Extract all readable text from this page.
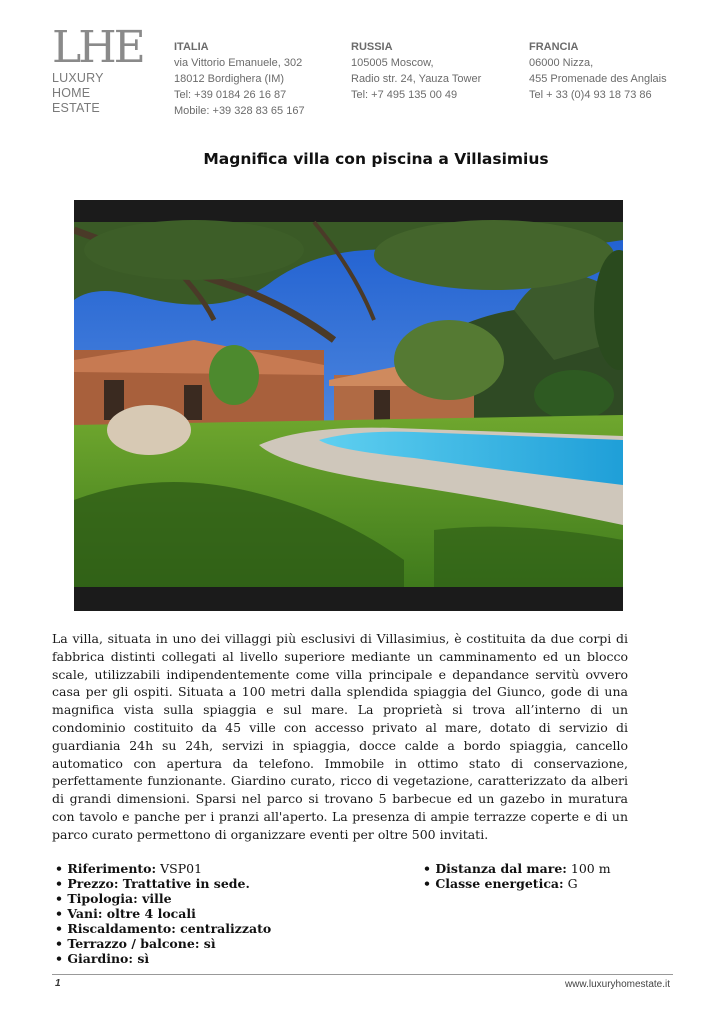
LHE
LUXURY
HOME
ESTATE
ITALIA
via Vittorio Emanuele, 302
18012 Bordighera (IM)
Tel: +39 0184 26 16 87
Mobile: +39 328 83 65 167
RUSSIA
105005 Moscow,
Radio str. 24, Yauza Tower
Tel: +7 495 135 00 49
FRANCIA
06000 Nizza,
455 Promenade des Anglais
Tel + 33 (0)4 93 18 73 86
Magnifica villa con piscina a Villasimius
La villa, situata in uno dei villaggi più esclusivi di Villasimius, è costituita da due corpi di fabbrica distinti collegati al livello superiore mediante un camminamento ed un blocco scale, utilizzabili indipendentemente come villa principale e depandance servitù ovvero casa per gli ospiti. Situata a 100 metri dalla splendida spiaggia del Giunco, gode di una magnifica vista sulla spiaggia e sul mare. La proprietà si trova all’interno di un condominio costituito da 45 ville con accesso privato al mare, dotato di servizio di guardiania 24h su 24h, servizi in spiaggia, docce calde a bordo spiaggia, cancello automatico con apertura da telefono. Immobile in ottimo stato di conservazione, perfettamente funzionante. Giardino curato, ricco di vegetazione, caratterizzato da alberi di grandi dimensioni. Sparsi nel parco si trovano 5 barbecue ed un gazebo in muratura con tavolo e panche per i pranzi all'aperto. La presenza di ampie terrazze coperte e di un parco curato permettono di organizzare eventi per oltre 500 invitati.
• Riferimento: VSP01
• Prezzo: Trattative in sede.
• Tipologia: ville
• Vani: oltre 4 locali
• Riscaldamento: centralizzato
• Terrazzo / balcone: sì
• Giardino: sì
• Distanza dal mare: 100 m
• Classe energetica: G
1	www.luxuryhomestate.it
